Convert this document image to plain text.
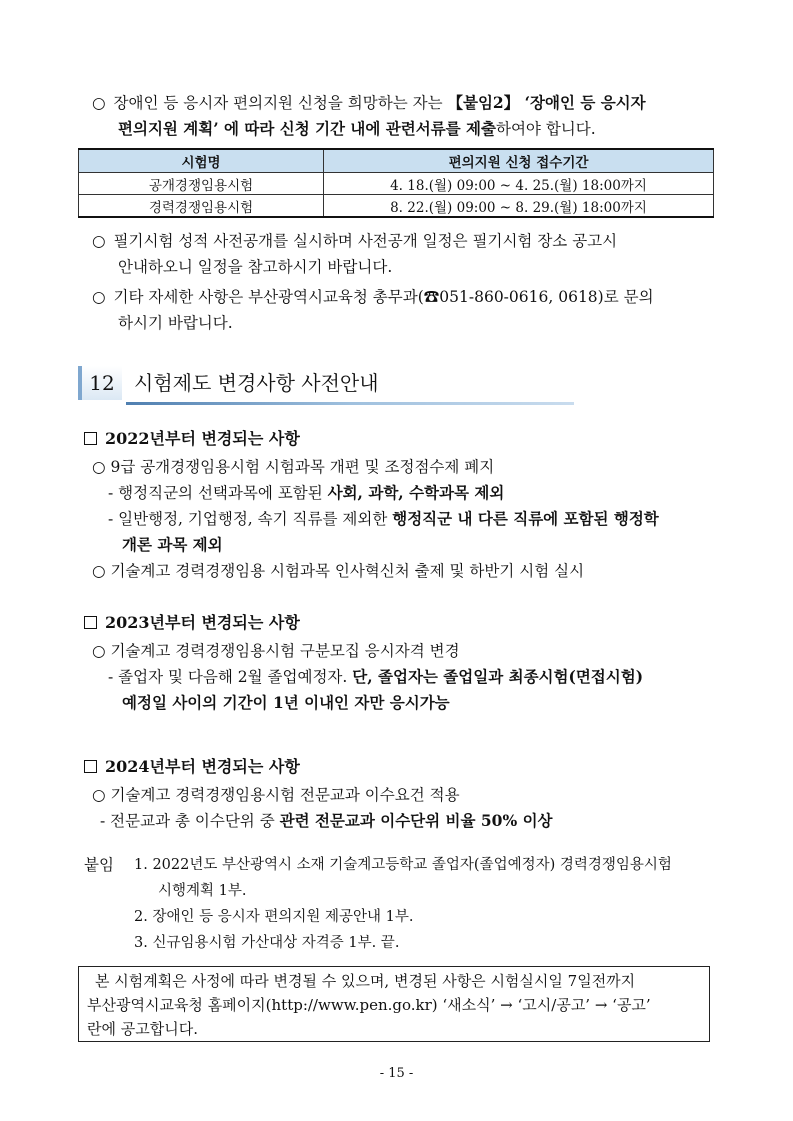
○ 장애인 등 응시자 편의지원 신청을 희망하는 자는 【붙임2】 ‘장애인 등 응시자
편의지원 계획’ 에 따라 신청 기간 내에 관련서류를 제출하여야 합니다.
시험명	편의지원 신청 접수기간
공개경쟁임용시험	4. 18.(월) 09:00 ~ 4. 25.(월) 18:00까지
경력경쟁임용시험	8. 22.(월) 09:00 ~ 8. 29.(월) 18:00까지
○ 필기시험 성적 사전공개를 실시하며 사전공개 일정은 필기시험 장소 공고시
안내하오니 일정을 참고하시기 바랍니다.
○ 기타 자세한 사항은 부산광역시교육청 총무과(☎051-860-0616, 0618)로 문의
하시기 바랍니다.
12 시험제도 변경사항 사전안내
2022년부터 변경되는 사항
○ 9급 공개경쟁임용시험 시험과목 개편 및 조정점수제 폐지
- 행정직군의 선택과목에 포함된 사회, 과학, 수학과목 제외
- 일반행정, 기업행정, 속기 직류를 제외한 행정직군 내 다른 직류에 포함된 행정학
개론 과목 제외
○ 기술계고 경력경쟁임용 시험과목 인사혁신처 출제 및 하반기 시험 실시
2023년부터 변경되는 사항
○ 기술계고 경력경쟁임용시험 구분모집 응시자격 변경
- 졸업자 및 다음해 2월 졸업예정자. 단, 졸업자는 졸업일과 최종시험(면접시험)
예정일 사이의 기간이 1년 이내인 자만 응시가능
2024년부터 변경되는 사항
○ 기술계고 경력경쟁임용시험 전문교과 이수요건 적용
- 전문교과 총 이수단위 중 관련 전문교과 이수단위 비율 50% 이상
붙임 1. 2022년도 부산광역시 소재 기술계고등학교 졸업자(졸업예정자) 경력경쟁임용시험
시행계획 1부.
2. 장애인 등 응시자 편의지원 제공안내 1부.
3. 신규임용시험 가산대상 자격증 1부. 끝.
본 시험계획은 사정에 따라 변경될 수 있으며, 변경된 사항은 시험실시일 7일전까지
부산광역시교육청 홈페이지(http://www.pen.go.kr) ‘새소식’ → ‘고시/공고’ → ‘공고’
란에 공고합니다.
- 15 -
